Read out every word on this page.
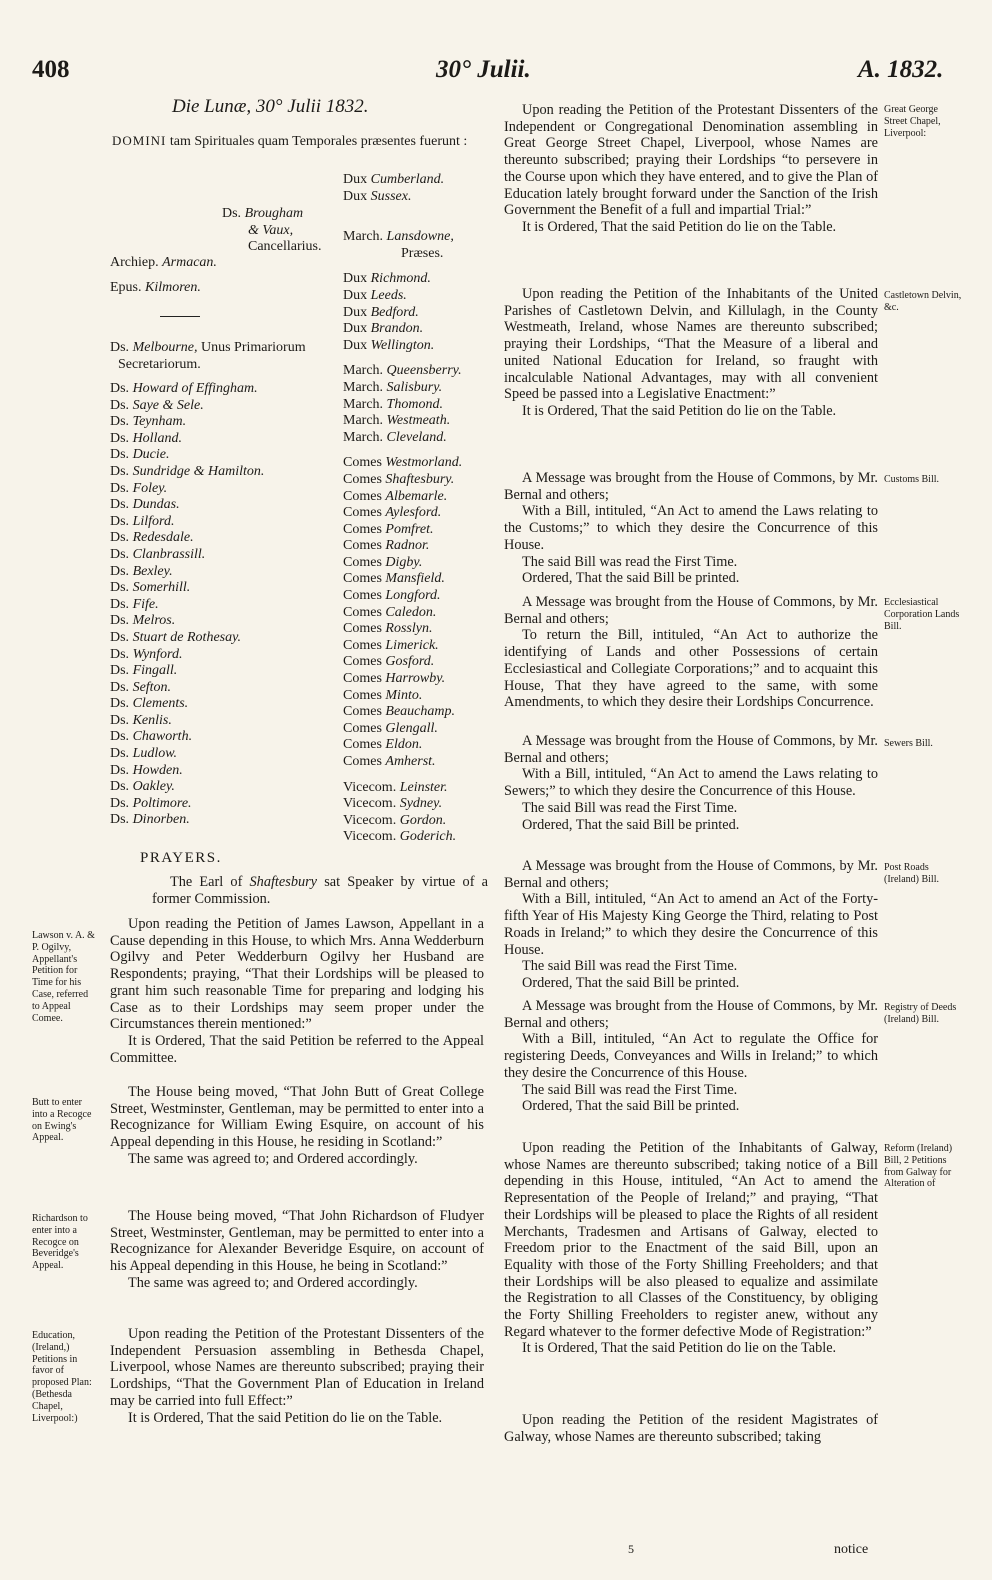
408	30° Julii.	A. 1832.
Die Lunæ, 30° Julii 1832.
DOMINI tam Spirituales quam Temporales præsentes fuerunt :
Ds. Brougham
& Vaux,
Cancellarius.
Archiep. Armacan.
Epus. Kilmoren.
Ds. Melbourne, Unus Primariorum
Secretariorum.
Ds. Howard of Effingham.
Ds. Saye & Sele.
Ds. Teynham.
Ds. Holland.
Ds. Ducie.
Ds. Sundridge & Hamilton.
Ds. Foley.
Ds. Dundas.
Ds. Lilford.
Ds. Redesdale.
Ds. Clanbrassill.
Ds. Bexley.
Ds. Somerhill.
Ds. Fife.
Ds. Melros.
Ds. Stuart de Rothesay.
Ds. Wynford.
Ds. Fingall.
Ds. Sefton.
Ds. Clements.
Ds. Kenlis.
Ds. Chaworth.
Ds. Ludlow.
Ds. Howden.
Ds. Oakley.
Ds. Poltimore.
Ds. Dinorben.
Dux Cumberland.
Dux Sussex.
March. Lansdowne,
Præses.
Dux Richmond.
Dux Leeds.
Dux Bedford.
Dux Brandon.
Dux Wellington.
March. Queensberry.
March. Salisbury.
March. Thomond.
March. Westmeath.
March. Cleveland.
Comes Westmorland.
Comes Shaftesbury.
Comes Albemarle.
Comes Aylesford.
Comes Pomfret.
Comes Radnor.
Comes Digby.
Comes Mansfield.
Comes Longford.
Comes Caledon.
Comes Rosslyn.
Comes Limerick.
Comes Gosford.
Comes Harrowby.
Comes Minto.
Comes Beauchamp.
Comes Glengall.
Comes Eldon.
Comes Amherst.
Vicecom. Leinster.
Vicecom. Sydney.
Vicecom. Gordon.
Vicecom. Goderich.
PRAYERS.

The Earl of Shaftesbury sat Speaker by virtue of a former Commission.

Lawson v. A. & P. Ogilvy, Appellant's Petition for Time for his Case, referred to Appeal Comee.
Butt to enter into a Recogce on Ewing's Appeal.
Richardson to enter into a Recogce on Beveridge's Appeal.
Education, (Ireland,) Petitions in favor of proposed Plan: (Bethesda Chapel, Liverpool:)

Upon reading the Petition of James Lawson, Appellant in a Cause depending in this House, to which Mrs. Anna Wedderburn Ogilvy and Peter Wedderburn Ogilvy her Husband are Respondents; praying, “That their Lordships will be pleased to grant him such reasonable Time for preparing and lodging his Case as to their Lordships may seem proper under the Circumstances therein mentioned:”

It is Ordered, That the said Petition be referred to the Appeal Committee.

The House being moved, “That John Butt of Great College Street, Westminster, Gentleman, may be permitted to enter into a Recognizance for William Ewing Esquire, on account of his Appeal depending in this House, he residing in Scotland:”

The same was agreed to; and Ordered accordingly.

The House being moved, “That John Richardson of Fludyer Street, Westminster, Gentleman, may be permitted to enter into a Recognizance for Alexander Beveridge Esquire, on account of his Appeal depending in this House, he being in Scotland:”

The same was agreed to; and Ordered accordingly.

Upon reading the Petition of the Protestant Dissenters of the Independent Persuasion assembling in Bethesda Chapel, Liverpool, whose Names are thereunto subscribed; praying their Lordships, “That the Government Plan of Education in Ireland may be carried into full Effect:”

It is Ordered, That the said Petition do lie on the Table.

Upon reading the Petition of the Protestant Dissenters of the Independent or Congregational Denomination assembling in Great George Street Chapel, Liverpool, whose Names are thereunto subscribed; praying their Lordships “to persevere in the Course upon which they have entered, and to give the Plan of Education lately brought forward under the Sanction of the Irish Government the Benefit of a full and impartial Trial:”

It is Ordered, That the said Petition do lie on the Table.

Upon reading the Petition of the Inhabitants of the United Parishes of Castletown Delvin, and Killulagh, in the County Westmeath, Ireland, whose Names are thereunto subscribed; praying their Lordships, “That the Measure of a liberal and united National Education for Ireland, so fraught with incalculable National Advantages, may with all convenient Speed be passed into a Legislative Enactment:”

It is Ordered, That the said Petition do lie on the Table.

A Message was brought from the House of Commons, by Mr. Bernal and others;

With a Bill, intituled, “An Act to amend the Laws relating to the Customs;” to which they desire the Concurrence of this House.

The said Bill was read the First Time.

Ordered, That the said Bill be printed.

A Message was brought from the House of Commons, by Mr. Bernal and others;

To return the Bill, intituled, “An Act to authorize the identifying of Lands and other Possessions of certain Ecclesiastical and Collegiate Corporations;” and to acquaint this House, That they have agreed to the same, with some Amendments, to which they desire their Lordships Concurrence.

A Message was brought from the House of Commons, by Mr. Bernal and others;

With a Bill, intituled, “An Act to amend the Laws relating to Sewers;” to which they desire the Concurrence of this House.

The said Bill was read the First Time.

Ordered, That the said Bill be printed.

A Message was brought from the House of Commons, by Mr. Bernal and others;

With a Bill, intituled, “An Act to amend an Act of the Forty-fifth Year of His Majesty King George the Third, relating to Post Roads in Ireland;” to which they desire the Concurrence of this House.

The said Bill was read the First Time.

Ordered, That the said Bill be printed.

A Message was brought from the House of Commons, by Mr. Bernal and others;

With a Bill, intituled, “An Act to regulate the Office for registering Deeds, Conveyances and Wills in Ireland;” to which they desire the Concurrence of this House.

The said Bill was read the First Time.

Ordered, That the said Bill be printed.

Upon reading the Petition of the Inhabitants of Galway, whose Names are thereunto subscribed; taking notice of a Bill depending in this House, intituled, “An Act to amend the Representation of the People of Ireland;” and praying, “That their Lordships will be pleased to place the Rights of all resident Merchants, Tradesmen and Artisans of Galway, elected to Freedom prior to the Enactment of the said Bill, upon an Equality with those of the Forty Shilling Freeholders; and that their Lordships will be also pleased to equalize and assimilate the Registration to all Classes of the Constituency, by obliging the Forty Shilling Freeholders to register anew, without any Regard whatever to the former defective Mode of Registration:”

It is Ordered, That the said Petition do lie on the Table.

Upon reading the Petition of the resident Magistrates of Galway, whose Names are thereunto subscribed; taking

Great George Street Chapel, Liverpool:
Castletown Delvin, &c.
Customs Bill.
Ecclesiastical Corporation Lands Bill.
Sewers Bill.
Post Roads (Ireland) Bill.
Registry of Deeds (Ireland) Bill.
Reform (Ireland) Bill, 2 Petitions from Galway for Alteration of
5	notice
